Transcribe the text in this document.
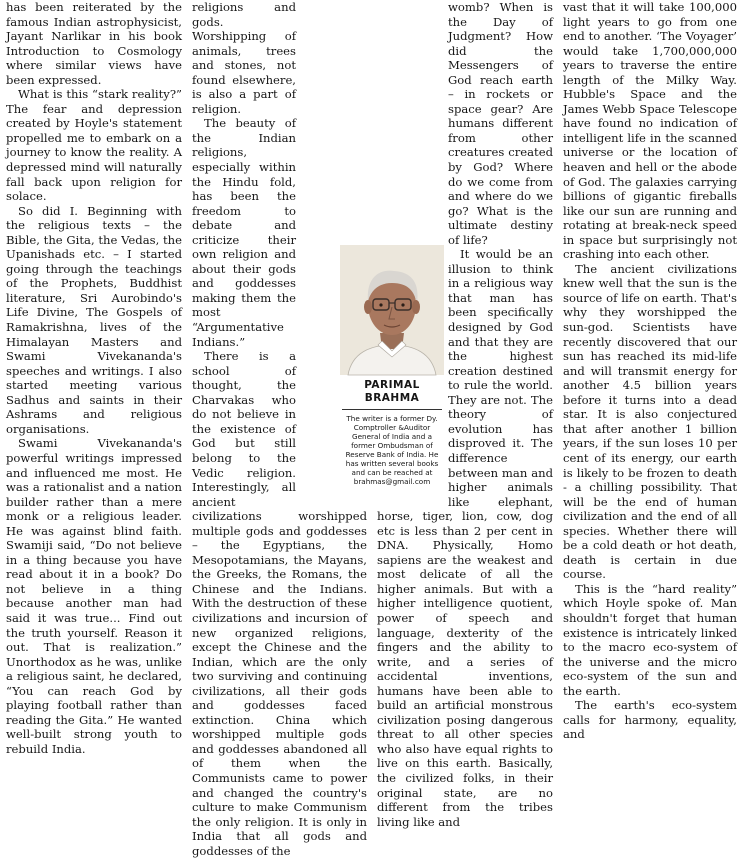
has been reiterated by the famous Indian astrophysicist, Jayant Narlikar in his book Introduction to Cosmology where similar views have been expressed.

What is this “stark reality?” The fear and depression created by Hoyle's statement propelled me to embark on a journey to know the reality. A depressed mind will naturally fall back upon religion for solace.

So did I. Beginning with the religious texts – the Bible, the Gita, the Vedas, the Upanishads etc. – I started going through the teachings of the Prophets, Buddhist literature, Sri Aurobindo's Life Divine, The Gospels of Ramakrishna, lives of the Himalayan Masters and Swami Vivekananda's speeches and writings. I also started meeting various Sadhus and saints in their Ashrams and religious organisations.

Swami Vivekananda's powerful writings impressed and influenced me most. He was a rationalist and a nation builder rather than a mere monk or a religious leader. He was against blind faith. Swamiji said, “Do not believe in a thing because you have read about it in a book? Do not believe in a thing because another man had said it was true... Find out the truth yourself. Reason it out. That is realization.” Unorthodox as he was, unlike a religious saint, he declared, “You can reach God by playing football rather than reading the Gita.” He wanted well-built strong youth to rebuild India.

religions and gods. Worshipping of animals, trees and stones, not found elsewhere, is also a part of religion.

The beauty of the Indian religions, especially within the Hindu fold, has been the freedom to debate and criticize their own religion and about their gods and goddesses making them the most “Argumentative Indians.”

There is a school of thought, the Charvakas who do not believe in the existence of God but still belong to the Vedic religion. Interestingly, all ancient civilizations worshipped multiple gods and goddesses – the Egyptians, the Mesopotamians, the Mayans, the Greeks, the Romans, the Chinese and the Indians. With the destruction of these civilizations and incursion of new organized religions, except the Chinese and the Indian, which are the only two surviving and continuing civilizations, all their gods and goddesses faced extinction. China which worshipped multiple gods and goddesses abandoned all of them when the Communists came to power and changed the country's culture to make Communism the only religion. It is only in India that all gods and goddesses of the

womb? When is the Day of Judgment? How did the Messengers of God reach earth – in rockets or space gear? Are humans different from other creatures created by God? Where do we come from and where do we go? What is the ultimate destiny of life?

It would be an illusion to think in a religious way that man has been specifically designed by God and that they are the highest creation destined to rule the world. They are not. The theory of evolution has disproved it. The difference between man and higher animals like elephant, horse, tiger, lion, cow, dog etc is less than 2 per cent in DNA. Physically, Homo sapiens are the weakest and most delicate of all the higher animals. But with a higher intelligence quotient, power of speech and language, dexterity of the fingers and the ability to write, and a series of accidental inventions, humans have been able to build an artificial monstrous civilization posing dangerous threat to all other species who also have equal rights to live on this earth. Basically, the civilized folks, in their original state, are no different from the tribes living like and

vast that it will take 100,000 light years to go from one end to another. ‘The Voyager’ would take 1,700,000,000 years to traverse the entire length of the Milky Way. Hubble's Space and the James Webb Space Telescope have found no indication of intelligent life in the scanned universe or the location of heaven and hell or the abode of God. The galaxies carrying billions of gigantic fireballs like our sun are running and rotating at break-neck speed in space but surprisingly not crashing into each other.

The ancient civilizations knew well that the sun is the source of life on earth. That's why they worshipped the sun-god. Scientists have recently discovered that our sun has reached its mid-life and will transmit energy for another 4.5 billion years before it turns into a dead star. It is also conjectured that after another 1 billion years, if the sun loses 10 per cent of its energy, our earth is likely to be frozen to death - a chilling possibility. That will be the end of human civilization and the end of all species. Whether there will be a cold death or hot death, death is certain in due course.

This is the “hard reality” which Hoyle spoke of. Man shouldn't forget that human existence is intricately linked to the macro eco-system of the universe and the micro eco-system of the sun and the earth.

The earth's eco-system calls for harmony, equality, and

PARIMAL
BRAHMA
The writer is a former Dy. Comptroller &Auditor General of India and a former Ombudsman of Reserve Bank of India. He has written several books and can be reached at
brahmas@gmail.com
